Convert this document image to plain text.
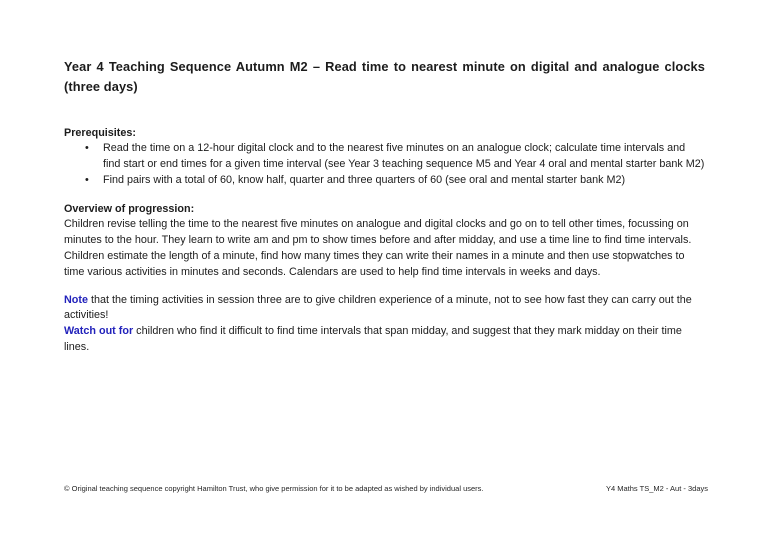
Year 4 Teaching Sequence Autumn M2 – Read time to nearest minute on digital and analogue clocks (three days)
Prerequisites:
•	Read the time on a 12-hour digital clock and to the nearest five minutes on an analogue clock; calculate time intervals and find start or end times for a given time interval (see Year 3 teaching sequence M5 and Year 4 oral and mental starter bank M2)
•	Find pairs with a total of 60, know half, quarter and three quarters of 60 (see oral and mental starter bank M2)
Overview of progression:

Children revise telling the time to the nearest five minutes on analogue and digital clocks and go on to tell other times, focussing on minutes to the hour. They learn to write am and pm to show times before and after midday, and use a time line to find time intervals. Children estimate the length of a minute, find how many times they can write their names in a minute and then use stopwatches to time various activities in minutes and seconds. Calendars are used to help find time intervals in weeks and days.

Note that the timing activities in session three are to give children experience of a minute, not to see how fast they can carry out the activities!

Watch out for children who find it difficult to find time intervals that span midday, and suggest that they mark midday on their time lines.

© Original teaching sequence copyright Hamilton Trust, who give permission for it to be adapted as wished by individual users.	Y4 Maths TS_M2 - Aut - 3days
